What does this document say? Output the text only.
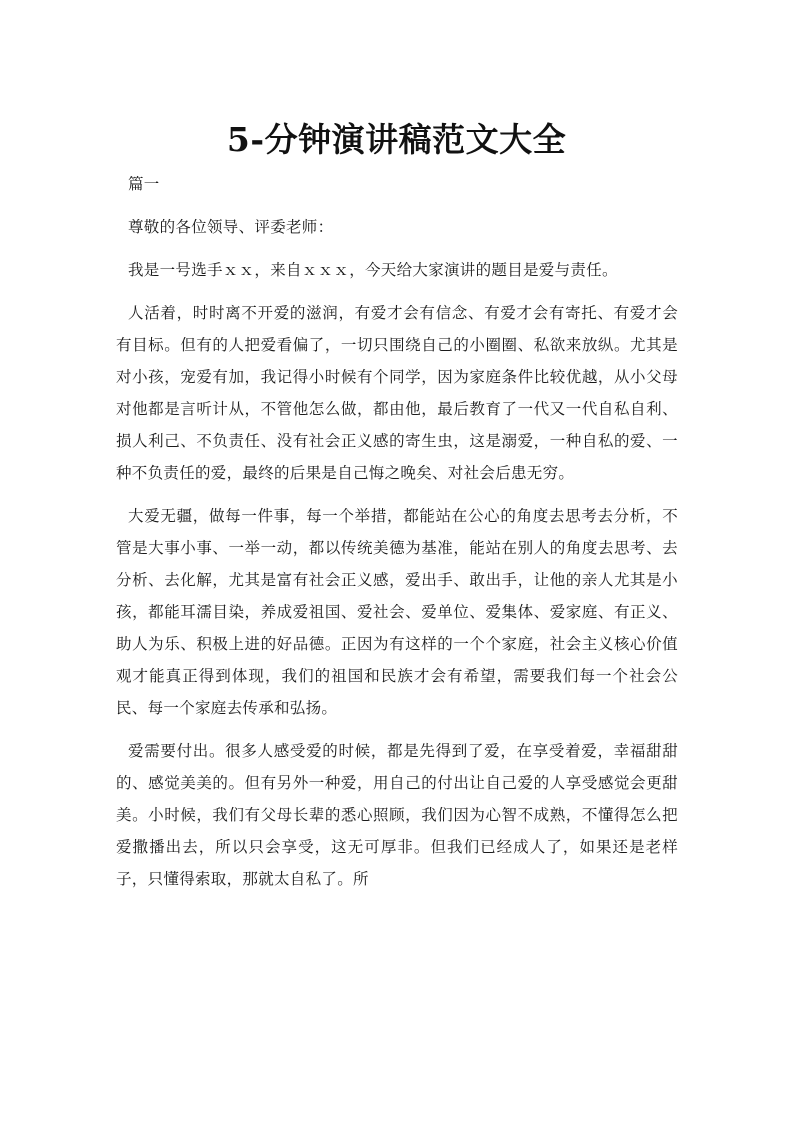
5-分钟演讲稿范文大全

篇一

尊敬的各位领导、评委老师：

我是一号选手ｘｘ，来自ｘｘｘ，今天给大家演讲的题目是爱与责任。

人活着，时时离不开爱的滋润，有爱才会有信念、有爱才会有寄托、有爱才会有目标。但有的人把爱看偏了，一切只围绕自己的小圈圈、私欲来放纵。尤其是对小孩，宠爱有加，我记得小时候有个同学，因为家庭条件比较优越，从小父母对他都是言听计从，不管他怎么做，都由他，最后教育了一代又一代自私自利、损人利己、不负责任、没有社会正义感的寄生虫，这是溺爱，一种自私的爱、一种不负责任的爱，最终的后果是自己悔之晚矣、对社会后患无穷。

大爱无疆，做每一件事，每一个举措，都能站在公心的角度去思考去分析，不管是大事小事、一举一动，都以传统美德为基准，能站在别人的角度去思考、去分析、去化解，尤其是富有社会正义感，爱出手、敢出手，让他的亲人尤其是小孩，都能耳濡目染，养成爱祖国、爱社会、爱单位、爱集体、爱家庭、有正义、助人为乐、积极上进的好品德。正因为有这样的一个个家庭，社会主义核心价值观才能真正得到体现，我们的祖国和民族才会有希望，需要我们每一个社会公民、每一个家庭去传承和弘扬。

爱需要付出。很多人感受爱的时候，都是先得到了爱，在享受着爱，幸福甜甜的、感觉美美的。但有另外一种爱，用自己的付出让自己爱的人享受感觉会更甜美。小时候，我们有父母长辈的悉心照顾，我们因为心智不成熟，不懂得怎么把爱撒播出去，所以只会享受，这无可厚非。但我们已经成人了，如果还是老样子，只懂得索取，那就太自私了。所
